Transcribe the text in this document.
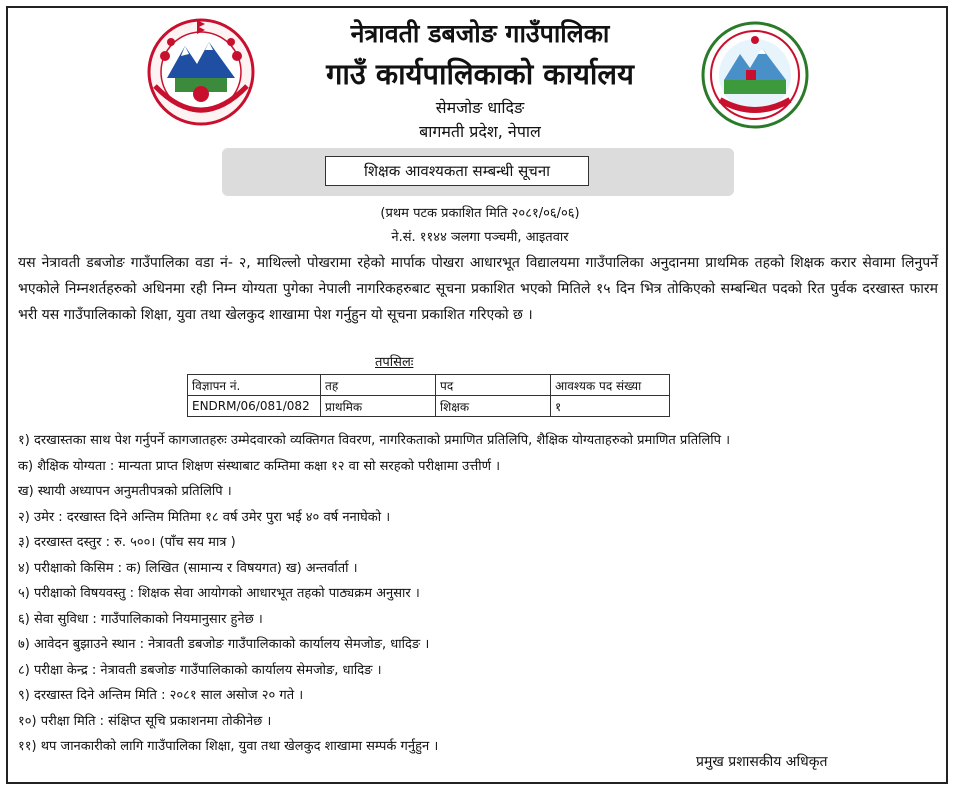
नेत्रावती डबजोङ गाउँपालिका
गाउँ कार्यपालिकाको कार्यालय
सेमजोङ धादिङ
बागमती प्रदेश, नेपाल
शिक्षक आवश्यकता सम्बन्धी सूचना
(प्रथम पटक प्रकाशित मिति २०८१/०६/०६)
ने.सं. ११४४ ञलगा पञ्चमी, आइतवार
यस नेत्रावती डबजोङ गाउँपालिका वडा नं- २, माथिल्लो पोखरामा रहेको मार्पाक पोखरा आधारभूत विद्यालयमा गाउँपालिका अनुदानमा प्राथमिक तहको शिक्षक करार सेवामा लिनुपर्ने भएकोले निम्नशर्तहरुको अधिनमा रही निम्न योग्यता पुगेका नेपाली नागरिकहरुबाट सूचना प्रकाशित भएको मितिले १५ दिन भित्र तोकिएको सम्बन्धित पदको रित पुर्वक दरखास्त फारम भरी यस गाउँपालिकाको शिक्षा, युवा तथा खेलकुद शाखामा पेश गर्नुहुन यो सूचना प्रकाशित गरिएको छ ।
तपसिलः
विज्ञापन नं.	तह	पद	आवश्यक पद संख्या
ENDRM/06/081/082	प्राथमिक	शिक्षक	१
१) दरखास्तका साथ पेश गर्नुपर्ने कागजातहरुः उम्मेदवारको व्यक्तिगत विवरण, नागरिकताको प्रमाणित प्रतिलिपि, शैक्षिक योग्यताहरुको प्रमाणित प्रतिलिपि ।
क) शैक्षिक योग्यता : मान्यता प्राप्त शिक्षण संस्थाबाट कम्तिमा कक्षा १२ वा सो सरहको परीक्षामा उत्तीर्ण ।
ख) स्थायी अध्यापन अनुमतीपत्रको प्रतिलिपि ।
२) उमेर : दरखास्त दिने अन्तिम मितिमा १८ वर्ष उमेर पुरा भई ४० वर्ष ननाघेको ।
३) दरखास्त दस्तुर : रु. ५००। (पाँच सय मात्र )
४) परीक्षाको किसिम : क) लिखित (सामान्य र विषयगत) ख) अन्तर्वार्ता ।
५) परीक्षाको विषयवस्तु : शिक्षक सेवा आयोगको आधारभूत तहको पाठ्यक्रम अनुसार ।
६) सेवा सुविधा : गाउँपालिकाको नियमानुसार हुनेछ ।
७) आवेदन बुझाउने स्थान : नेत्रावती डबजोङ गाउँपालिकाको कार्यालय सेमजोङ, धादिङ ।
८) परीक्षा केन्द्र : नेत्रावती डबजोङ गाउँपालिकाको कार्यालय सेमजोङ, धादिङ ।
९) दरखास्त दिने अन्तिम मिति : २०८१ साल असोज २० गते ।
१०) परीक्षा मिति : संक्षिप्त सूचि प्रकाशनमा तोकीनेछ ।
११) थप जानकारीको लागि गाउँपालिका शिक्षा, युवा तथा खेलकुद शाखामा सम्पर्क गर्नुहुन ।
प्रमुख प्रशासकीय अधिकृत
